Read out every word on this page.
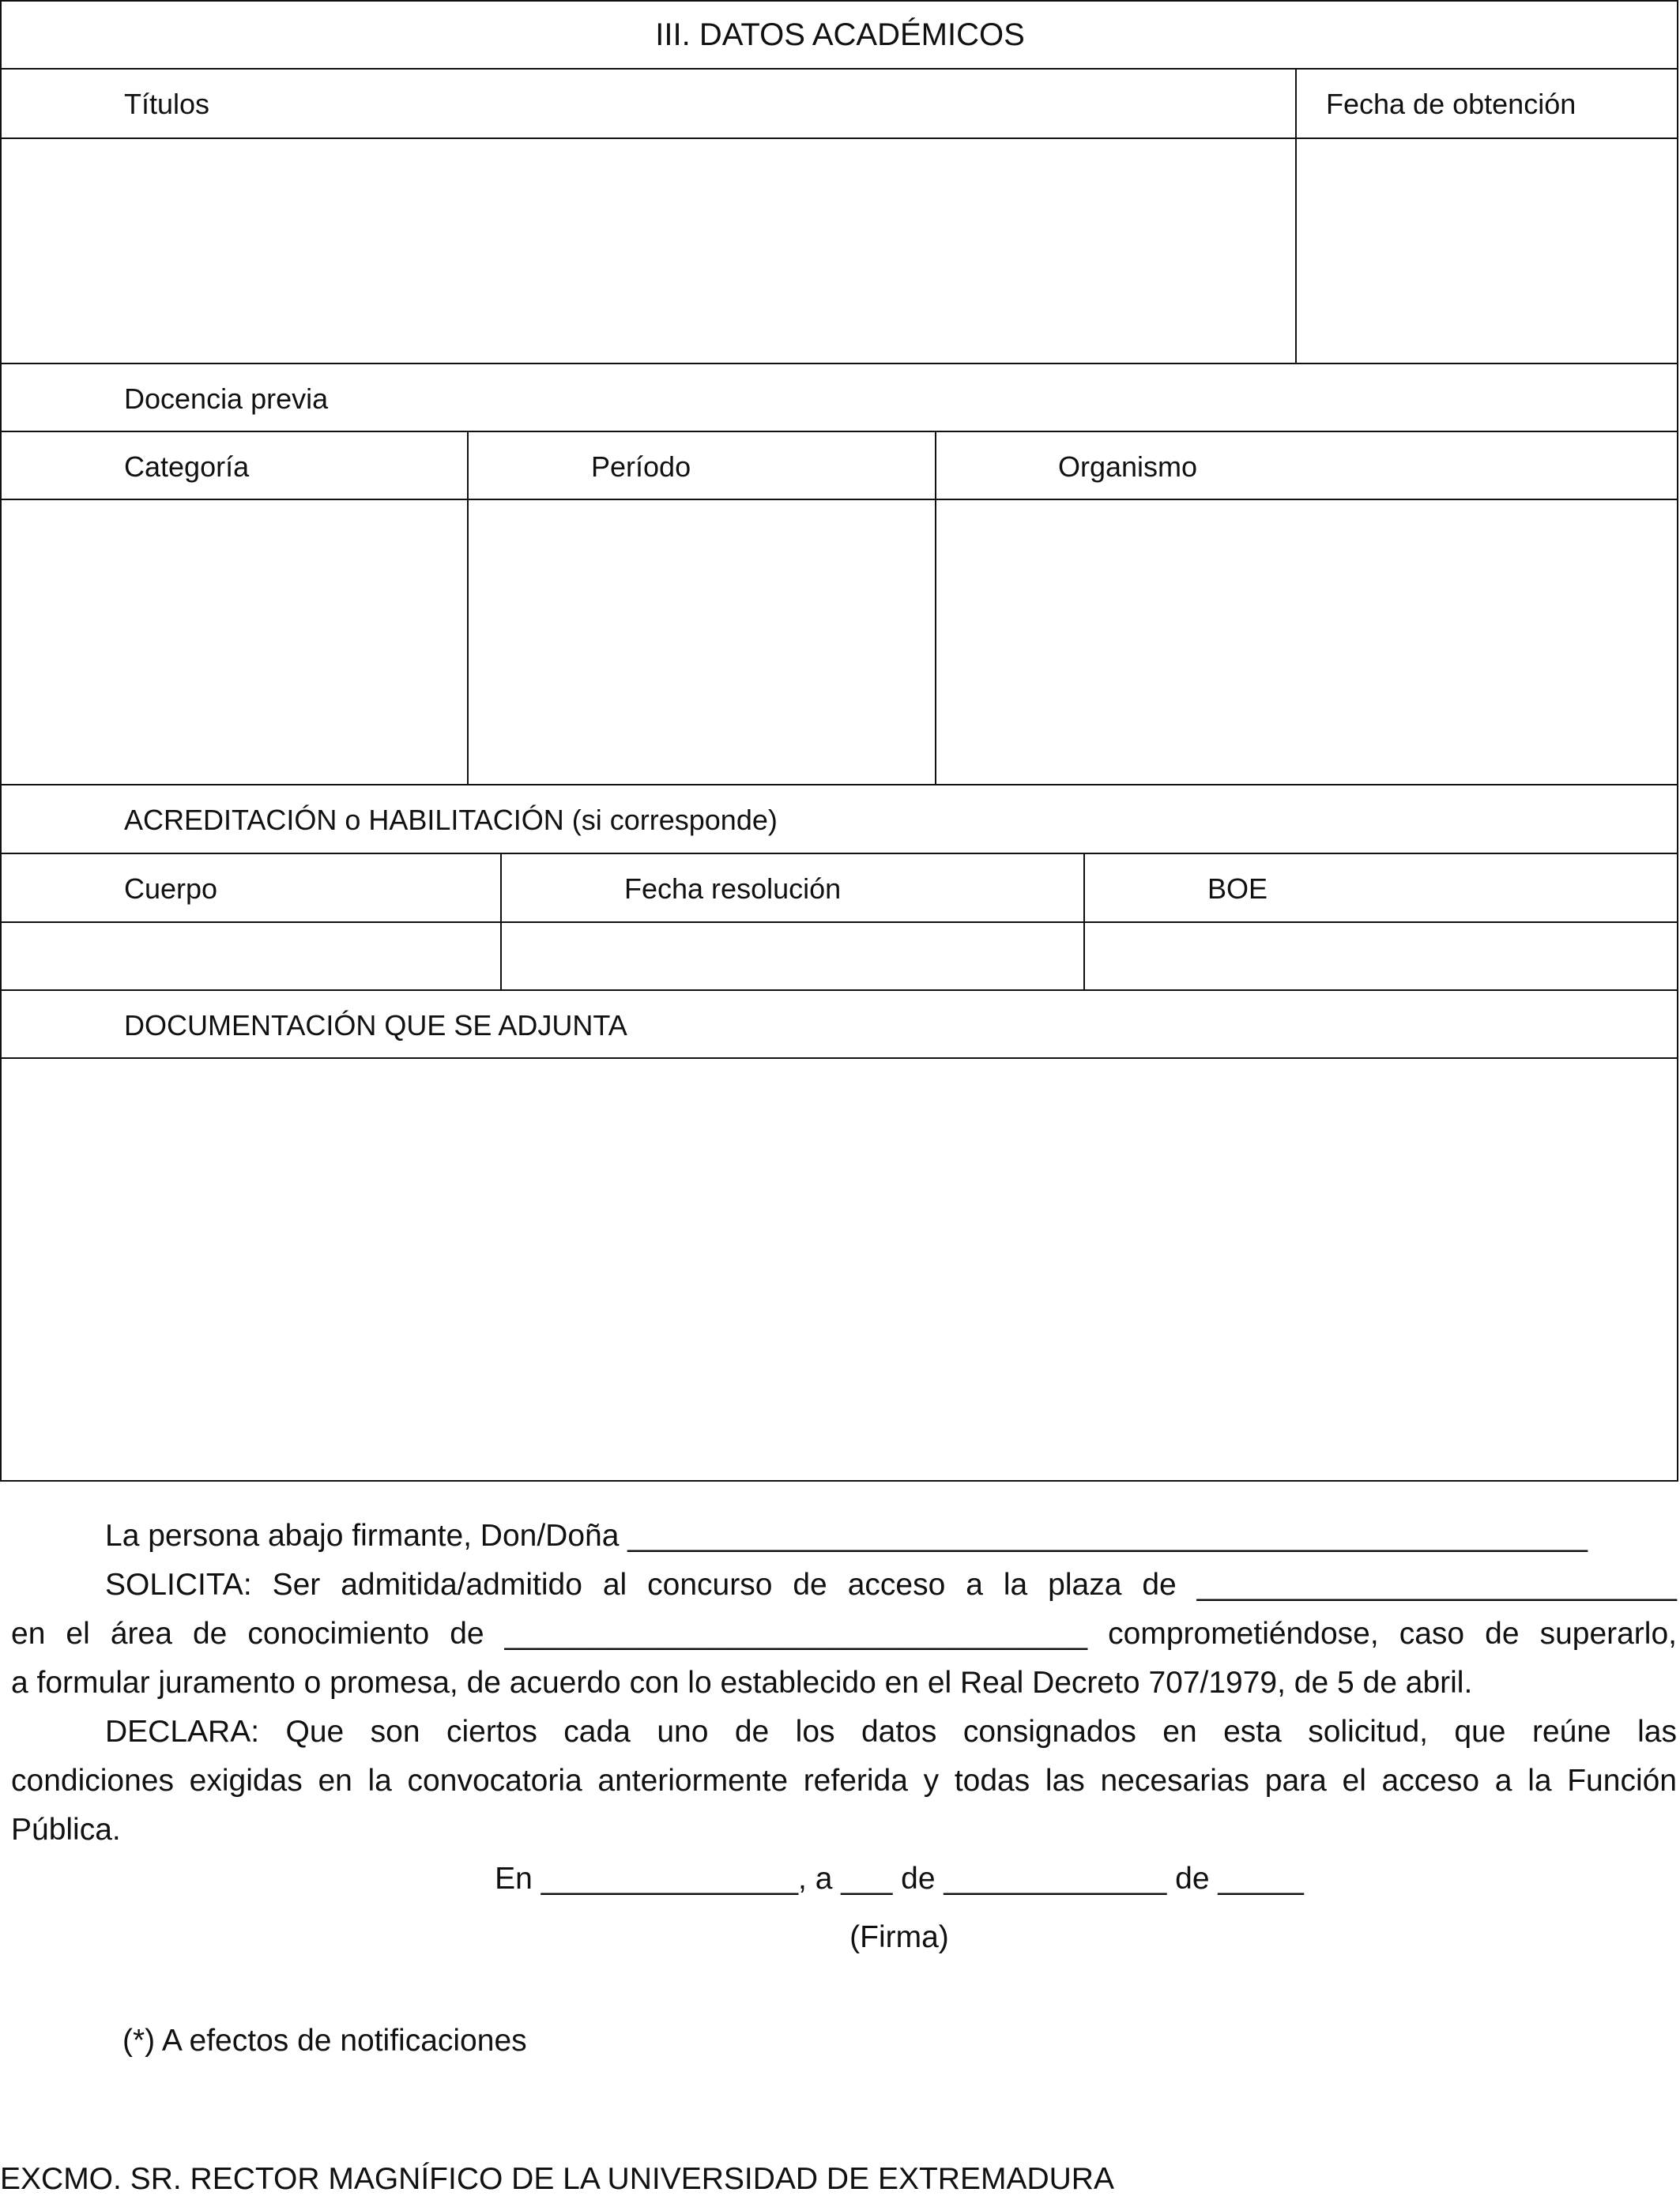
III. DATOS ACADÉMICOS
Títulos	Fecha de obtención
Docencia previa
Categoría	Período	Organismo
ACREDITACIÓN o HABILITACIÓN (si corresponde)
Cuerpo	Fecha resolución	BOE
DOCUMENTACIÓN QUE SE ADJUNTA
La persona abajo firmante, Don/Doña ________________________________________________________
SOLICITA: Ser admitida/admitido al concurso de acceso a la plaza de ____________________________
en el área de conocimiento de __________________________________ comprometiéndose, caso de superarlo,
a formular juramento o promesa, de acuerdo con lo establecido en el Real Decreto 707/1979, de 5 de abril.
DECLARA: Que son ciertos cada uno de los datos consignados en esta solicitud, que reúne las
condiciones exigidas en la convocatoria anteriormente referida y todas las necesarias para el acceso a la Función
Pública.
En _______________, a ___ de _____________ de _____
(Firma)
(*) A efectos de notificaciones
EXCMO. SR. RECTOR MAGNÍFICO DE LA UNIVERSIDAD DE EXTREMADURA
